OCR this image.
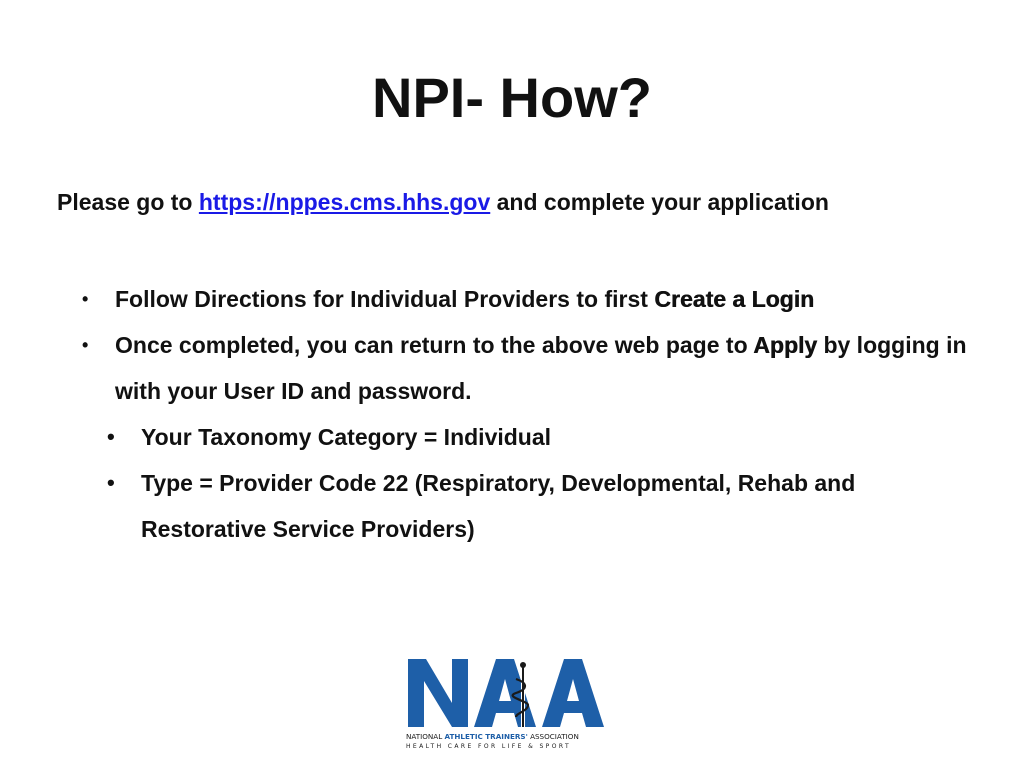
NPI- How?
Please go to https://nppes.cms.hhs.gov and complete your application
•	Follow Directions for Individual Providers to first Create a Login
•	Once completed, you can return to the above web page to Apply by logging in with your User ID and password.
•	Your Taxonomy Category = Individual
•	Type = Provider Code 22 (Respiratory, Developmental, Rehab and Restorative Service Providers)
NATIONAL ATHLETIC TRAINERS' ASSOCIATION
HEALTH CARE FOR LIFE & SPORT
